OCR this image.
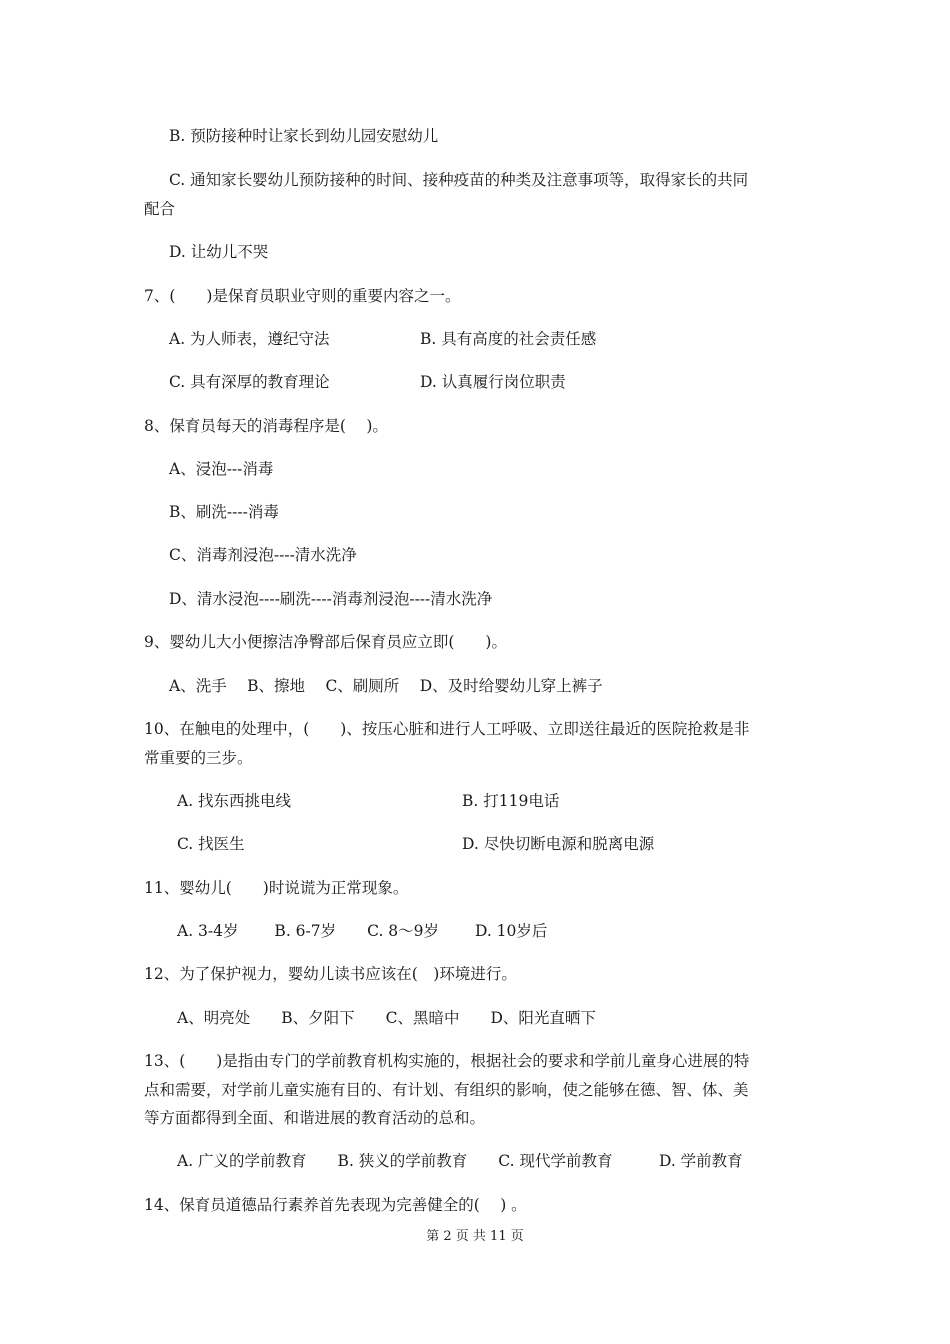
B. 预防接种时让家长到幼儿园安慰幼儿
C. 通知家长婴幼儿预防接种的时间、接种疫苗的种类及注意事项等，取得家长的共同
配合
D. 让幼儿不哭
7、(　　)是保育员职业守则的重要内容之一。
A. 为人师表，遵纪守法	B. 具有高度的社会责任感
C. 具有深厚的教育理论	D. 认真履行岗位职责
8、保育员每天的消毒程序是(　 )。
A、浸泡---消毒
B、刷洗----消毒
C、消毒剂浸泡----清水洗净
D、清水浸泡----刷洗----消毒剂浸泡----清水洗净
9、婴幼儿大小便擦洁净臀部后保育员应立即(　　)。
A、洗手　 B、擦地　 C、刷厕所　 D、及时给婴幼儿穿上裤子
10、在触电的处理中，(　　)、按压心脏和进行人工呼吸、立即送往最近的医院抢救是非
常重要的三步。
A. 找东西挑电线	B. 打119电话
C. 找医生	D. 尽快切断电源和脱离电源
11、婴幼儿(　　)时说谎为正常现象。
A. 3-4岁　　 B. 6-7岁　　C. 8～9岁　　 D. 10岁后
12、为了保护视力，婴幼儿读书应该在(　)环境进行。
A、明亮处　　B、夕阳下　　C、黑暗中　　D、阳光直晒下
13、(　　)是指由专门的学前教育机构实施的，根据社会的要求和学前儿童身心进展的特
点和需要，对学前儿童实施有目的、有计划、有组织的影响，使之能够在德、智、体、美
等方面都得到全面、和谐进展的教育活动的总和。
A. 广义的学前教育　　B. 狭义的学前教育　　C. 现代学前教育　　　D. 学前教育
14、保育员道德品行素养首先表现为完善健全的(　 ) 。
第 2 页 共 11 页
